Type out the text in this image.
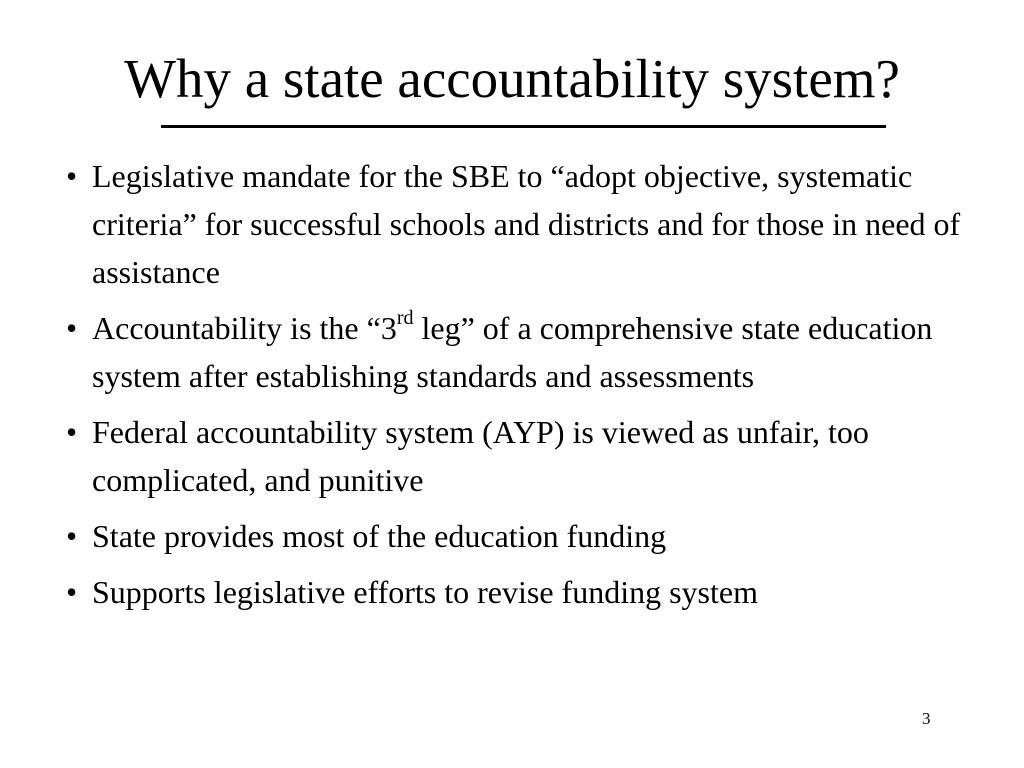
Why a state accountability system?
• Legislative mandate for the SBE to “adopt objective, systematic criteria” for successful schools and districts and for those in need of assistance
• Accountability is the “3rd leg” of a comprehensive state education system after establishing standards and assessments
• Federal accountability system (AYP) is viewed as unfair, too complicated, and punitive
• State provides most of the education funding
• Supports legislative efforts to revise funding system
3
